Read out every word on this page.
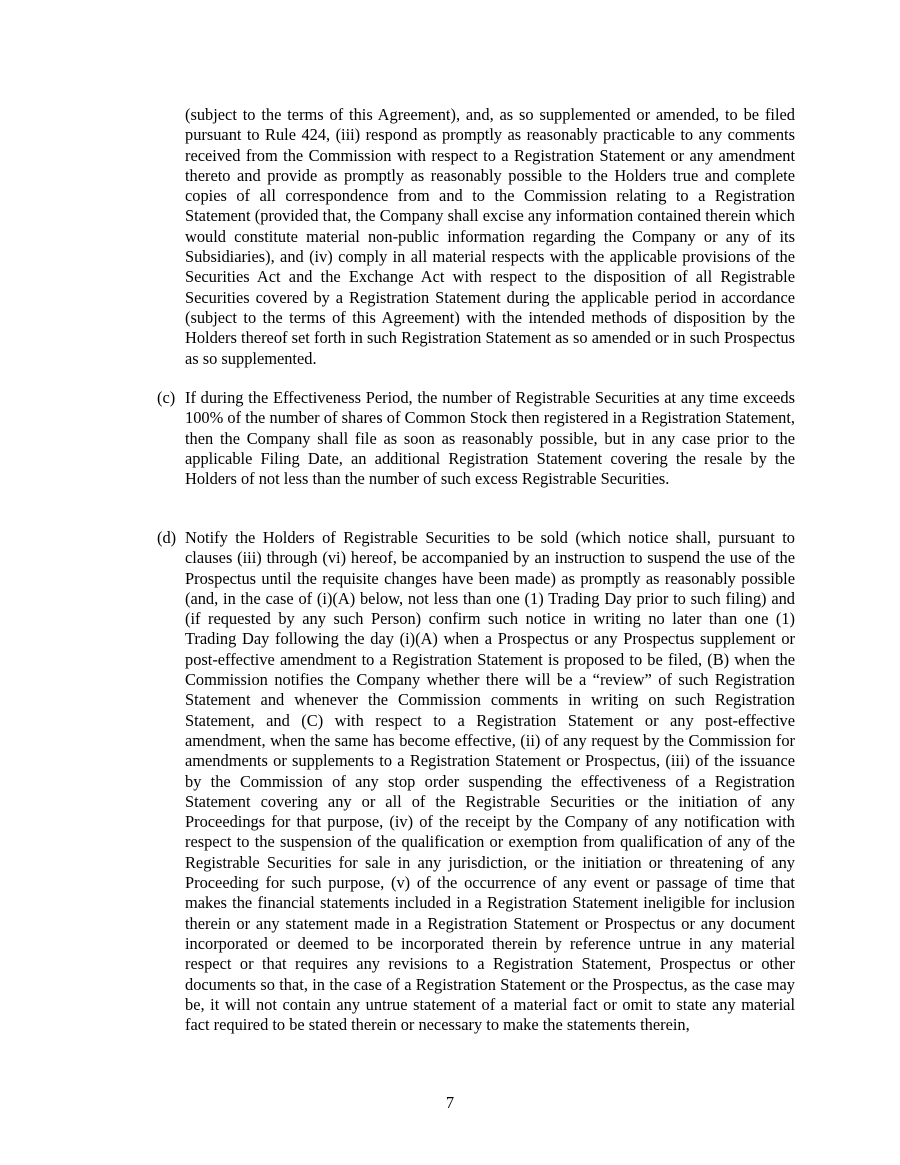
(subject to the terms of this Agreement), and, as so supplemented or amended, to be filed pursuant to Rule 424, (iii) respond as promptly as reasonably practicable to any comments received from the Commission with respect to a Registration Statement or any amendment thereto and provide as promptly as reasonably possible to the Holders true and complete copies of all correspondence from and to the Commission relating to a Registration Statement (provided that, the Company shall excise any information contained therein which would constitute material non-public information regarding the Company or any of its Subsidiaries), and (iv) comply in all material respects with the applicable provisions of the Securities Act and the Exchange Act with respect to the disposition of all Registrable Securities covered by a Registration Statement during the applicable period in accordance (subject to the terms of this Agreement) with the intended methods of disposition by the Holders thereof set forth in such Registration Statement as so amended or in such Prospectus as so supplemented.

(c) If during the Effectiveness Period, the number of Registrable Securities at any time exceeds 100% of the number of shares of Common Stock then registered in a Registration Statement, then the Company shall file as soon as reasonably possible, but in any case prior to the applicable Filing Date, an additional Registration Statement covering the resale by the Holders of not less than the number of such excess Registrable Securities.

(d) Notify the Holders of Registrable Securities to be sold (which notice shall, pursuant to clauses (iii) through (vi) hereof, be accompanied by an instruction to suspend the use of the Prospectus until the requisite changes have been made) as promptly as reasonably possible (and, in the case of (i)(A) below, not less than one (1) Trading Day prior to such filing) and (if requested by any such Person) confirm such notice in writing no later than one (1) Trading Day following the day (i)(A) when a Prospectus or any Prospectus supplement or post-effective amendment to a Registration Statement is proposed to be filed, (B) when the Commission notifies the Company whether there will be a “review” of such Registration Statement and whenever the Commission comments in writing on such Registration Statement, and (C) with respect to a Registration Statement or any post-effective amendment, when the same has become effective, (ii) of any request by the Commission for amendments or supplements to a Registration Statement or Prospectus, (iii) of the issuance by the Commission of any stop order suspending the effectiveness of a Registration Statement covering any or all of the Registrable Securities or the initiation of any Proceedings for that purpose, (iv) of the receipt by the Company of any notification with respect to the suspension of the qualification or exemption from qualification of any of the Registrable Securities for sale in any jurisdiction, or the initiation or threatening of any Proceeding for such purpose, (v) of the occurrence of any event or passage of time that makes the financial statements included in a Registration Statement ineligible for inclusion therein or any statement made in a Registration Statement or Prospectus or any document incorporated or deemed to be incorporated therein by reference untrue in any material respect or that requires any revisions to a Registration Statement, Prospectus or other documents so that, in the case of a Registration Statement or the Prospectus, as the case may be, it will not contain any untrue statement of a material fact or omit to state any material fact required to be stated therein or necessary to make the statements therein,

7
